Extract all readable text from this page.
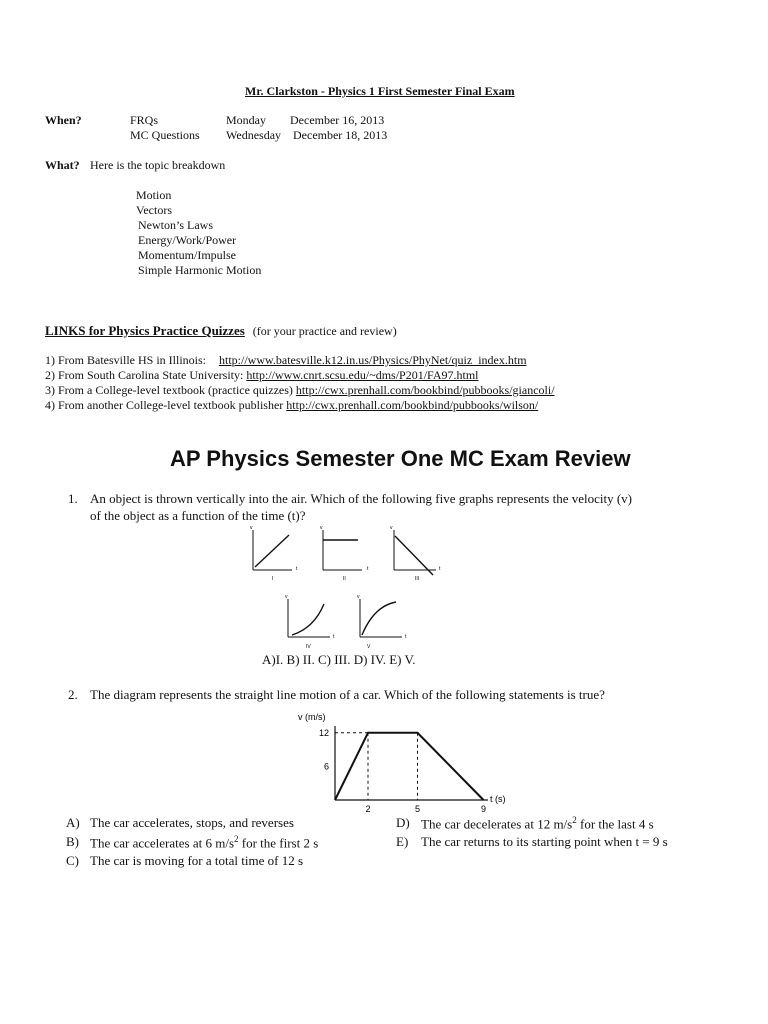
Mr. Clarkston - Physics 1 First Semester Final Exam
When?	FRQs	Monday December 16, 2013
MC Questions Wednesday December 18, 2013
What? Here is the topic breakdown
Motion
Vectors
Newton’s Laws
Energy/Work/Power
Momentum/Impulse
Simple Harmonic Motion
LINKS for Physics Practice Quizzes (for your practice and review)
1) From Batesville HS in Illinois: http://www.batesville.k12.in.us/Physics/PhyNet/quiz_index.htm
2) From South Carolina State University: http://www.cnrt.scsu.edu/~dms/P201/FA97.html
3) From a College-level textbook (practice quizzes) http://cwx.prenhall.com/bookbind/pubbooks/giancoli/
4) From another College-level textbook publisher http://cwx.prenhall.com/bookbind/pubbooks/wilson/
AP Physics Semester One MC Exam Review
1. An object is thrown vertically into the air. Which of the following five graphs represents the velocity (v)
of the object as a function of the time (t)?
v
t
I
v
t
II
v
t
III
v
t
IV
v
t
V
A)I. B) II. C) III. D) IV. E) V.
2. The diagram represents the straight line motion of a car. Which of the following statements is true?
v (m/s)
12
6
2	5	9
t (s)
A) The car accelerates, stops, and reverses
B) The car accelerates at 6 $m/s^2$ for the first 2 s
C) The car is moving for a total time of 12 s
D) The car decelerates at 12 $m/s^2$ for the last 4 s
E) The car returns to its starting point when t = 9 s
